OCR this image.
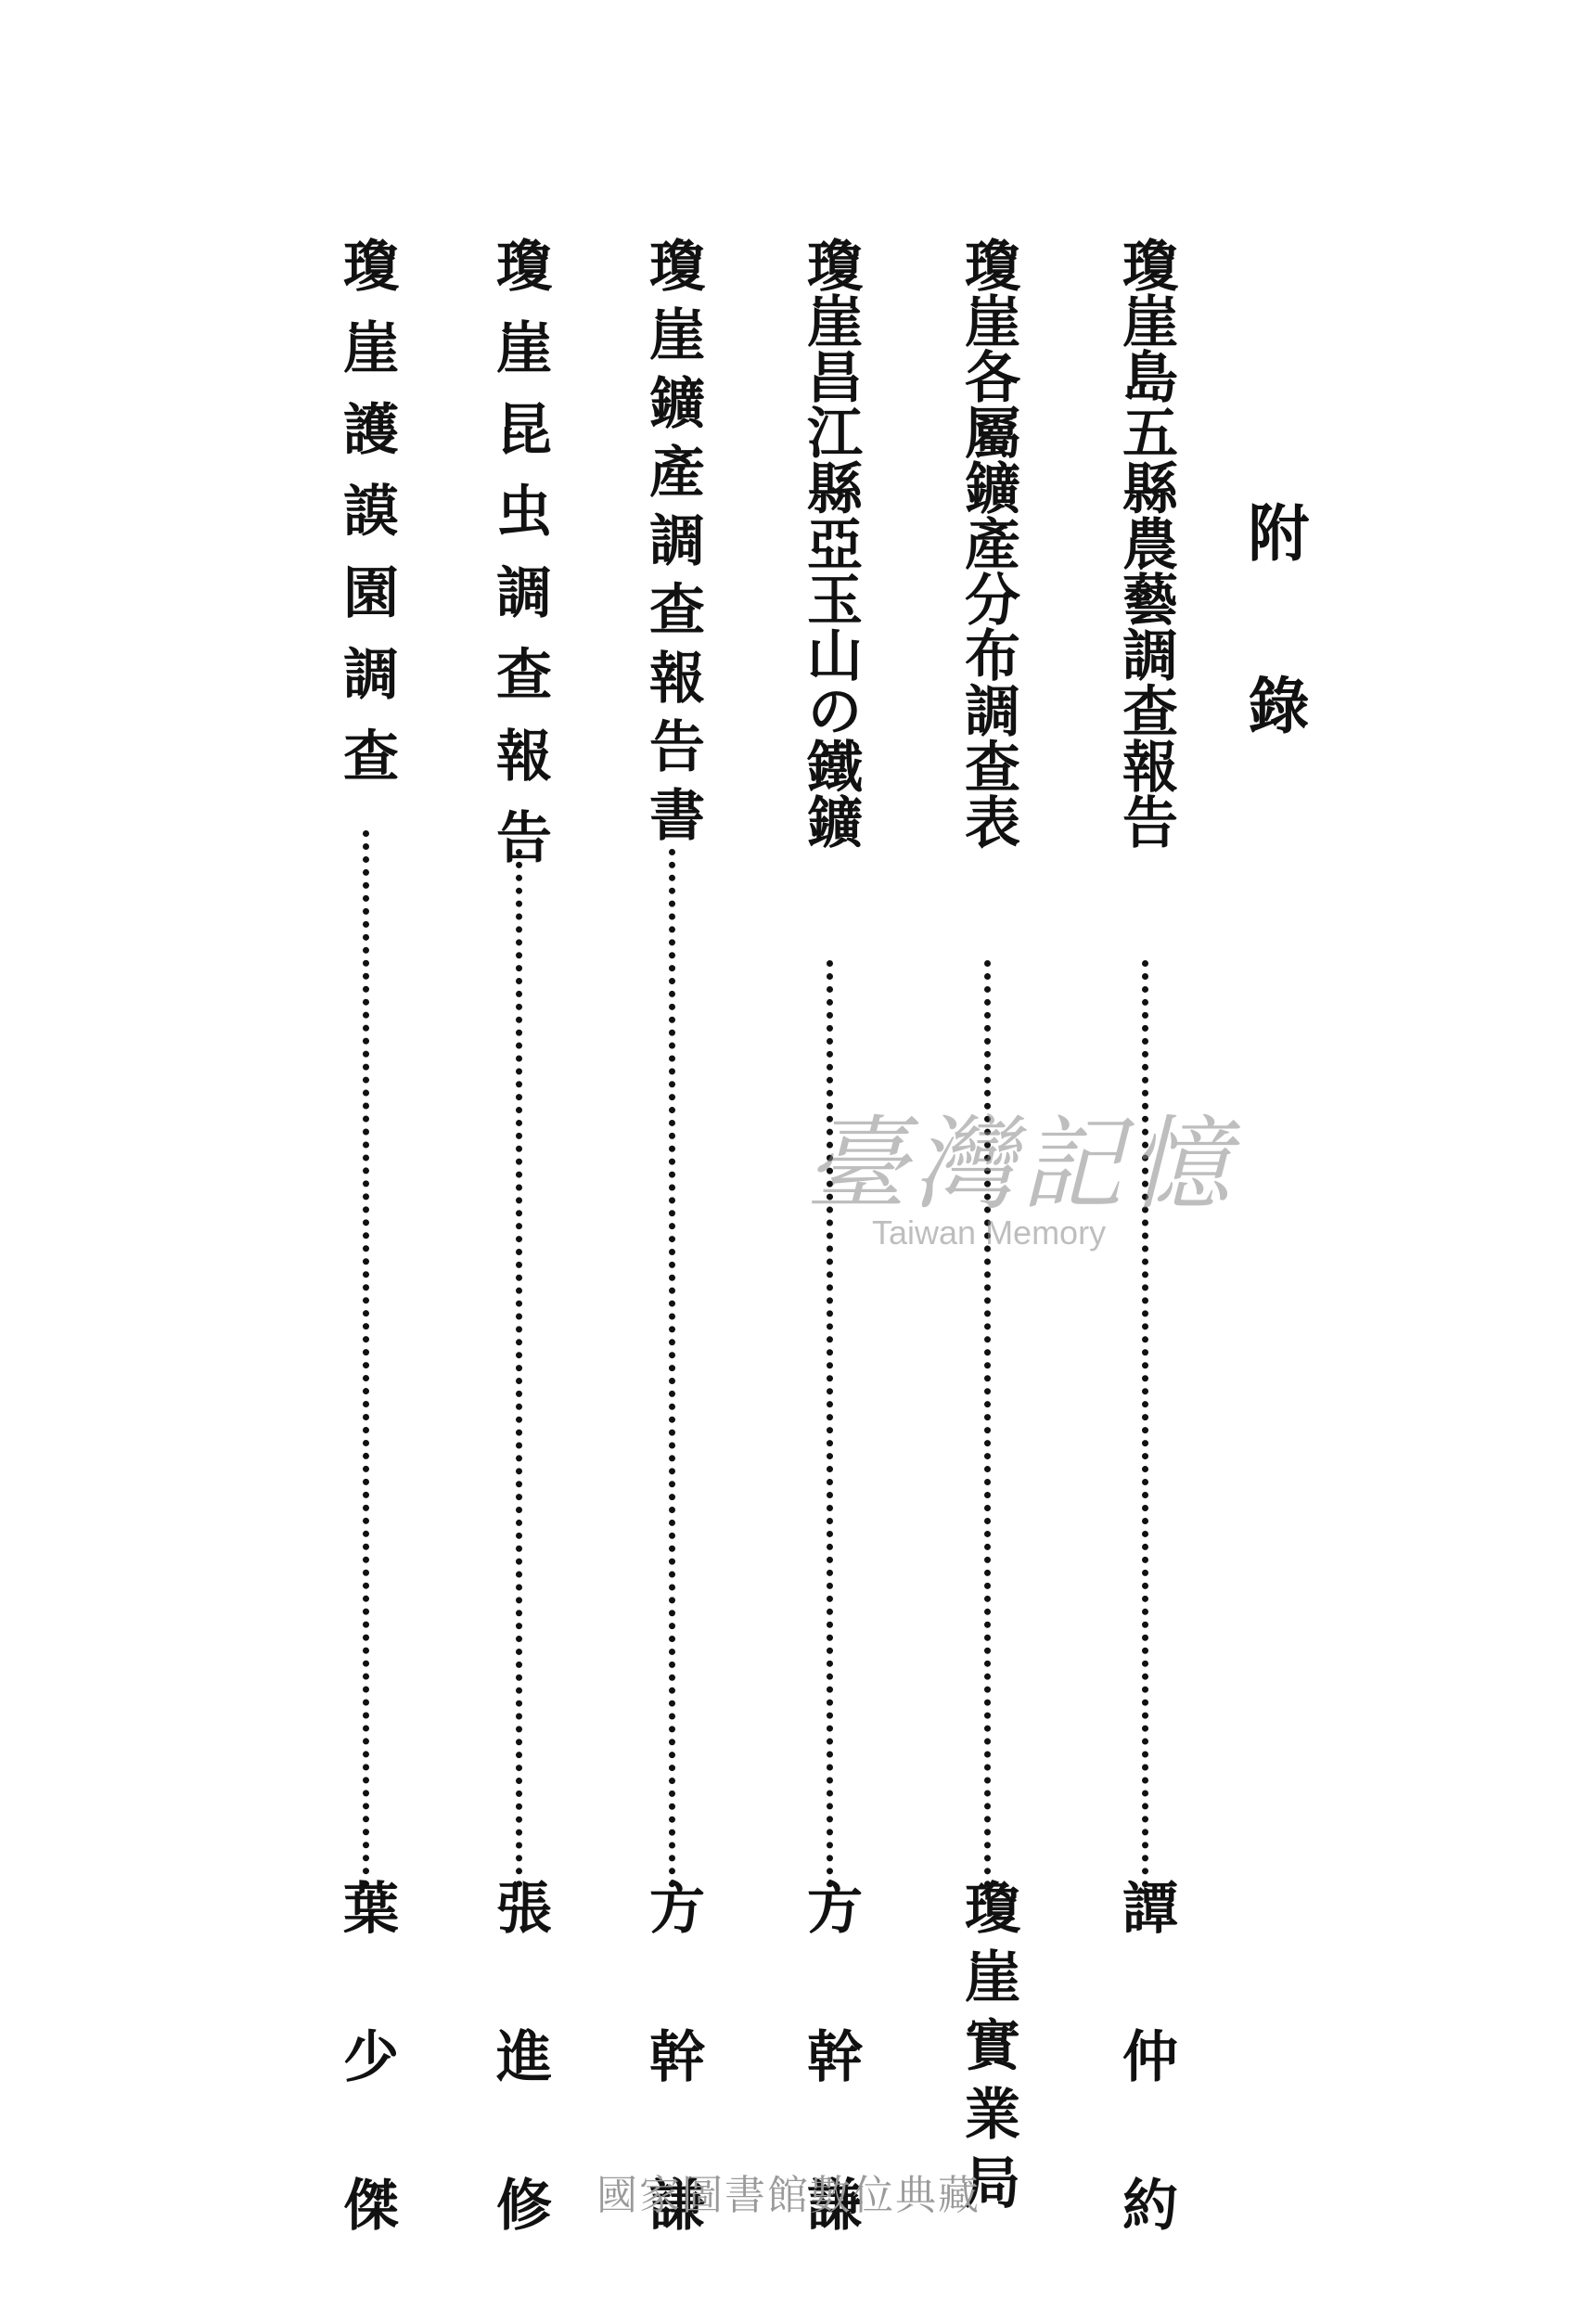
附錄
瓊崖島五縣農藝調查報告
譚仲約
瓊崖各屬鑛產分布調查表
瓊崖實業局
瓊崖昌江縣亞玉山の鐵鑛
方幹謙
瓊崖鑛產調查報告書
方幹謙
瓊崖昆虫調查報告
張進修
瓊崖護謨園調查
葉少傑
臺灣記憶
Taiwan Memory
國家圖書館數位典藏
